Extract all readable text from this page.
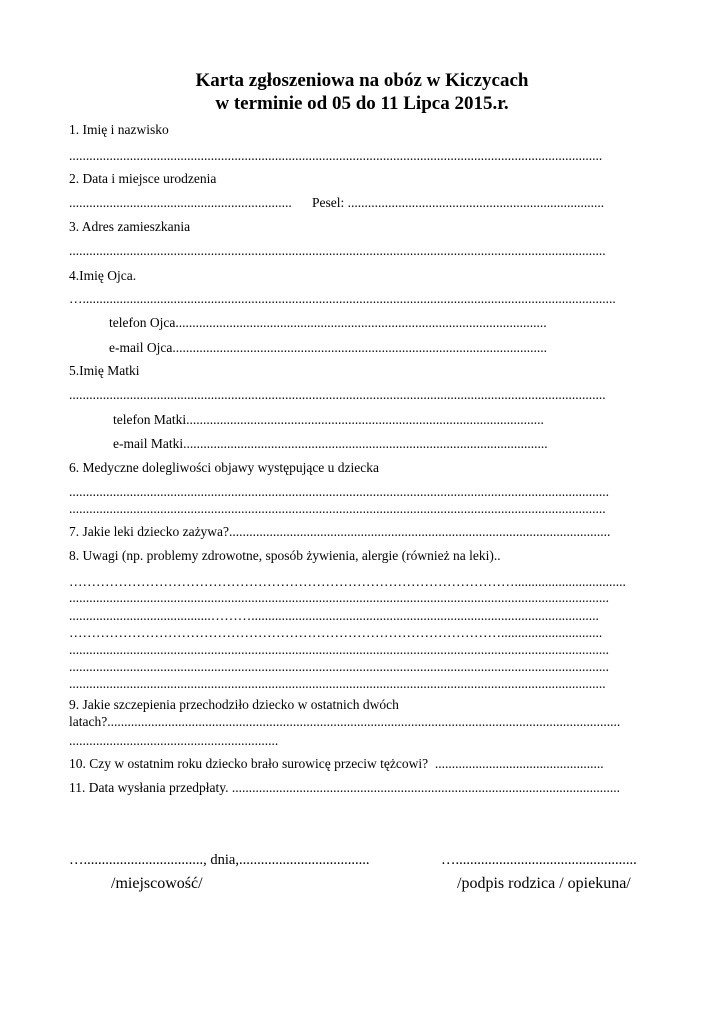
Karta zgłoszeniowa na obóz w Kiczycach
w terminie od 05 do 11 Lipca 2015.r.
1. Imię i nazwisko
..............................................................................................................................................................
2. Data i miejsce urodzenia
..................................................................      Pesel: ............................................................................
3. Adres zamieszkania
...............................................................................................................................................................
4.Imię Ojca.
…..............................................................................................................................................................
telefon Ojca..............................................................................................................
e-mail Ojca...............................................................................................................
5.Imię Matki
...............................................................................................................................................................
telefon Matki..........................................................................................................
e-mail Matki............................................................................................................
6. Medyczne dolegliwości objawy występujące u dziecka
................................................................................................................................................................
...............................................................................................................................................................
7. Jakie leki dziecko zażywa?.................................................................................................................
8. Uwagi (np. problemy zdrowotne, sposób żywienia, alergie (również na leki)..
……………………………………………………………………………………….................................
................................................................................................................................................................
..........................................……….......................................................................................................
……………………………………………………………………………………..............................
................................................................................................................................................................
................................................................................................................................................................
...............................................................................................................................................................
9. Jakie szczepienia przechodziło dziecko w ostatnich dwóch
latach?........................................................................................................................................................
..............................................................
10. Czy w ostatnim roku dziecko brało surowicę przeciw tężcowi?  ..................................................
11. Data wysłania przedpłaty. ...................................................................................................................
…................................., dnia,....................................	…..................................................
/miejscowość/	/podpis rodzica / opiekuna/
